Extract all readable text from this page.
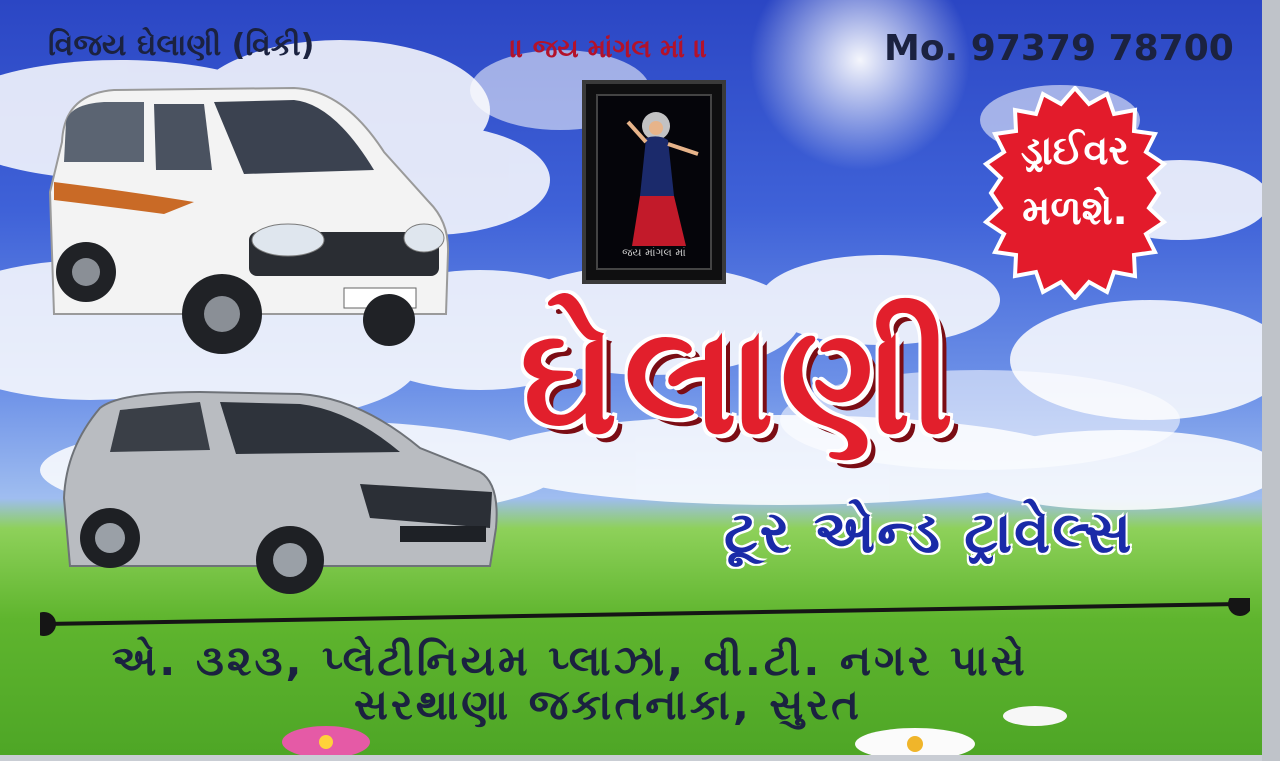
વિજય ઘેલાણી (વિકી)	॥ જય માંગલ માં ॥	Mo. 97379 78700
જય માંગલ માં
ડ્રાઈવર
મળશે.
ઘેલાણી
ટૂર એન્ડ ટ્રાવેલ્સ
એ. ૩૨૩, પ્લેટીનિયમ પ્લાઝા, વી.ટી. નગર પાસે
સરથાણા જકાતનાકા, સુરત
